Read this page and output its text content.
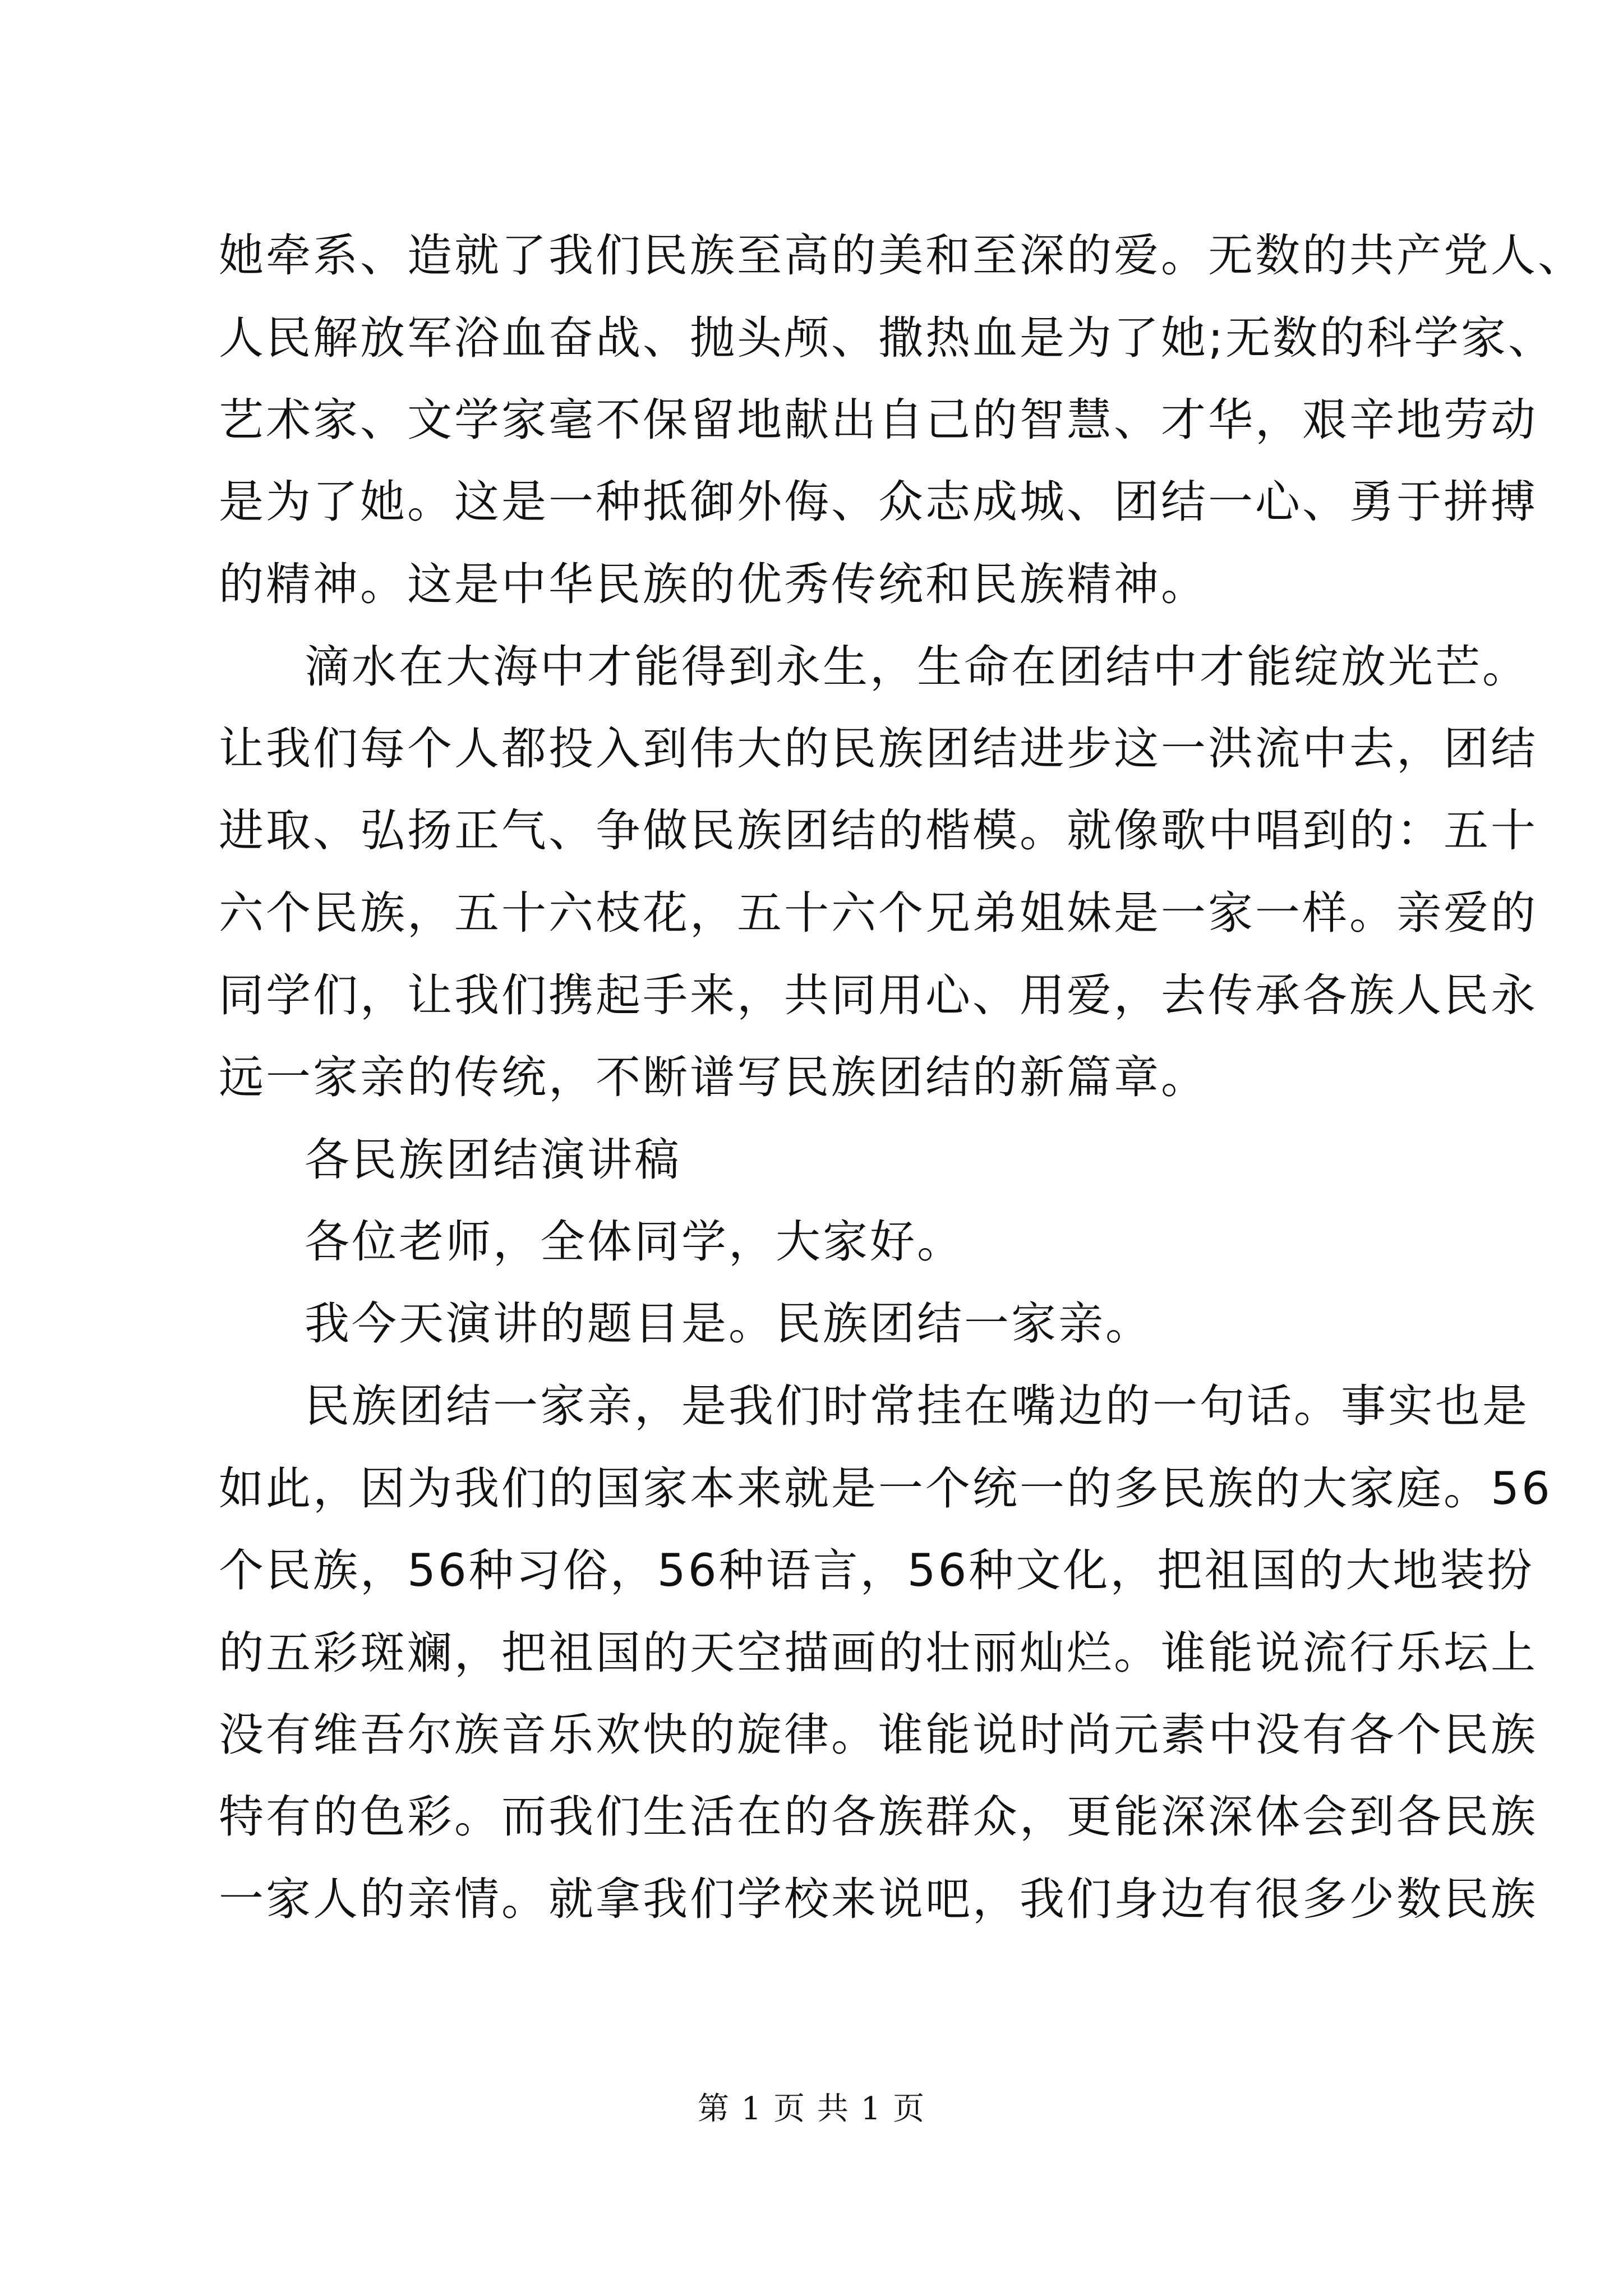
她牵系、造就了我们民族至高的美和至深的爱。无数的共产党人、
人民解放军浴血奋战、抛头颅、撒热血是为了她;无数的科学家、
艺术家、文学家毫不保留地献出自己的智慧、才华，艰辛地劳动
是为了她。这是一种抵御外侮、众志成城、团结一心、勇于拼搏
的精神。这是中华民族的优秀传统和民族精神。
滴水在大海中才能得到永生，生命在团结中才能绽放光芒。
让我们每个人都投入到伟大的民族团结进步这一洪流中去，团结
进取、弘扬正气、争做民族团结的楷模。就像歌中唱到的：五十
六个民族，五十六枝花，五十六个兄弟姐妹是一家一样。亲爱的
同学们，让我们携起手来，共同用心、用爱，去传承各族人民永
远一家亲的传统，不断谱写民族团结的新篇章。
各民族团结演讲稿
各位老师，全体同学，大家好。
我今天演讲的题目是。民族团结一家亲。
民族团结一家亲，是我们时常挂在嘴边的一句话。事实也是
如此，因为我们的国家本来就是一个统一的多民族的大家庭。56
个民族，56种习俗，56种语言，56种文化，把祖国的大地装扮
的五彩斑斓，把祖国的天空描画的壮丽灿烂。谁能说流行乐坛上
没有维吾尔族音乐欢快的旋律。谁能说时尚元素中没有各个民族
特有的色彩。而我们生活在的各族群众，更能深深体会到各民族
一家人的亲情。就拿我们学校来说吧，我们身边有很多少数民族
第 1 页 共 1 页
